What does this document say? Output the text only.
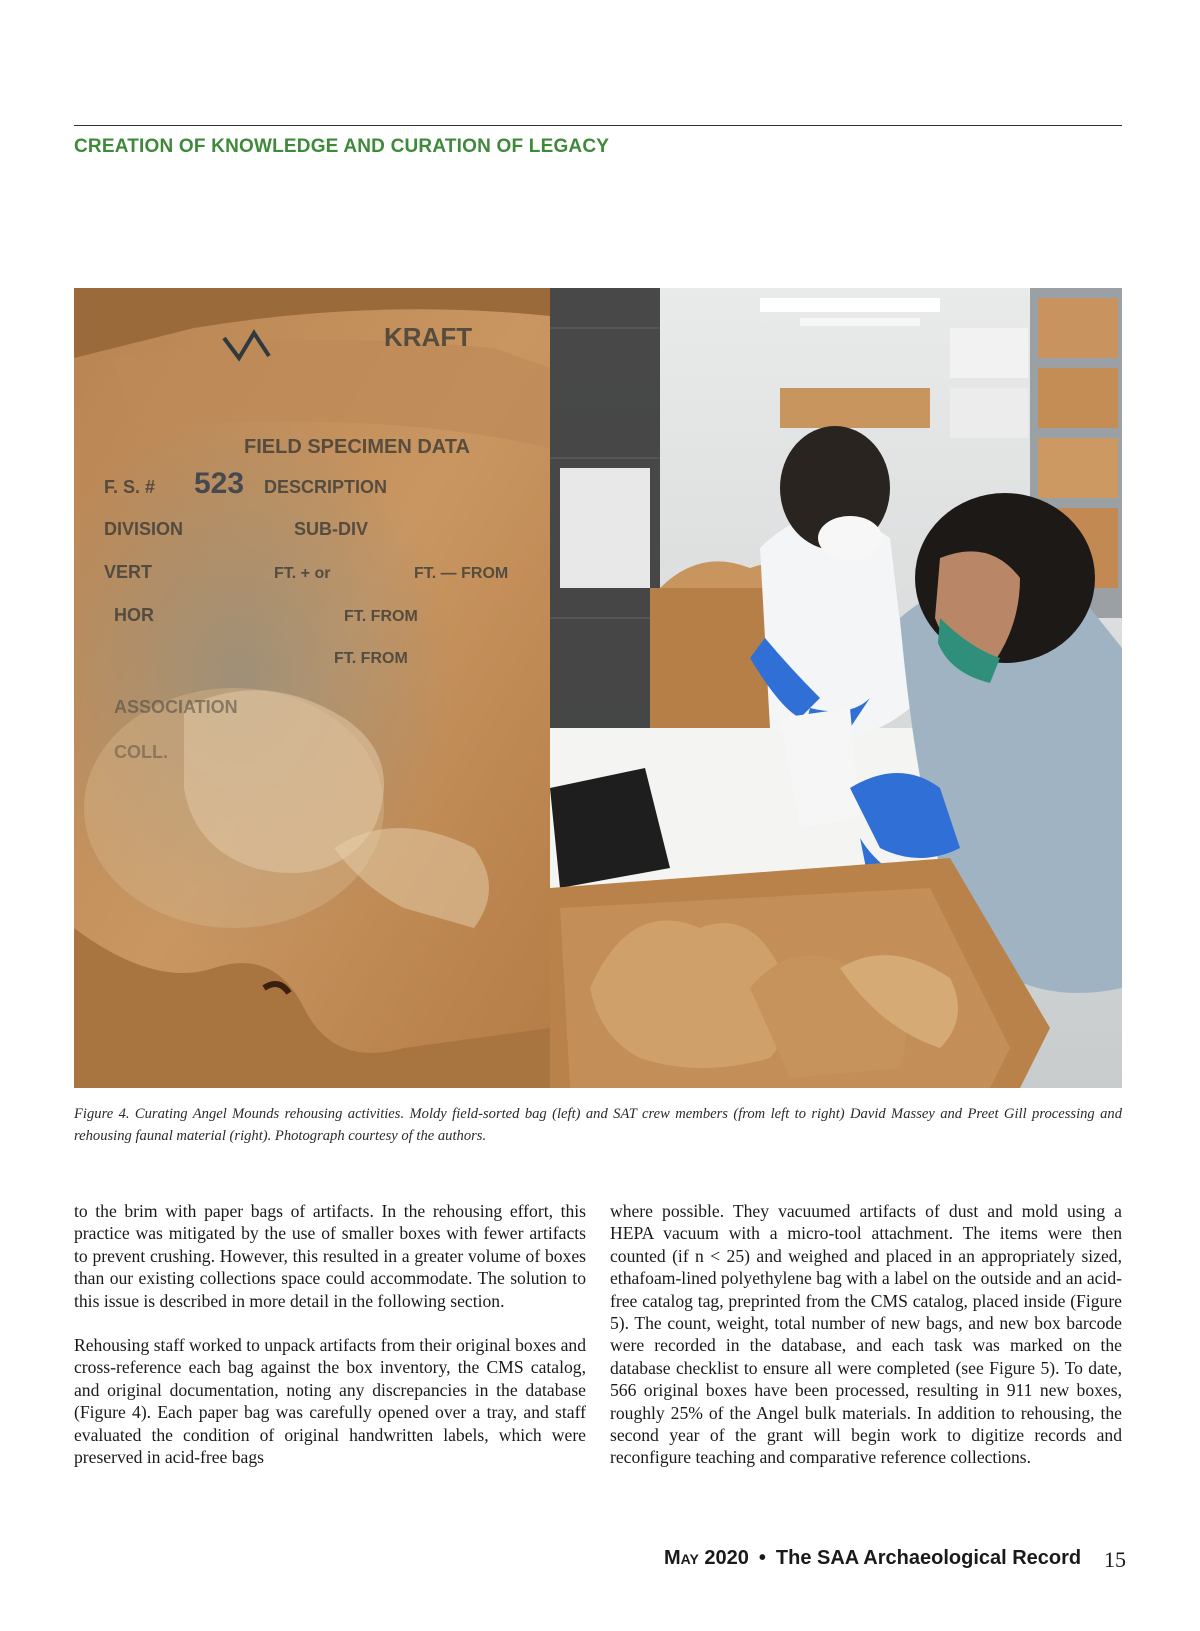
CREATION OF KNOWLEDGE AND CURATION OF LEGACY
KRAFT
FIELD SPECIMEN DATA
F. S. # 523 DESCRIPTION
DIVISION	SUB-DIV
VERT	FT. + or	FT. — FROM
HOR	FT. FROM
FT. FROM
ASSOCIATION
COLL.
Figure 4. Curating Angel Mounds rehousing activities. Moldy field-sorted bag (left) and SAT crew members (from left to right) David Massey and Preet Gill processing and rehousing faunal material (right). Photograph courtesy of the authors.

to the brim with paper bags of artifacts. In the rehousing effort, this practice was mitigated by the use of smaller boxes with fewer artifacts to prevent crushing. However, this resulted in a greater volume of boxes than our existing collections space could accommodate. The solution to this issue is described in more detail in the following section.

Rehousing staff worked to unpack artifacts from their original boxes and cross-reference each bag against the box inventory, the CMS catalog, and original documentation, noting any discrepancies in the database (Figure 4). Each paper bag was carefully opened over a tray, and staff evaluated the condition of original handwritten labels, which were preserved in acid-free bags

where possible. They vacuumed artifacts of dust and mold using a HEPA vacuum with a micro-tool attachment. The items were then counted (if n < 25) and weighed and placed in an appropriately sized, ethafoam-lined polyethylene bag with a label on the outside and an acid-free catalog tag, preprinted from the CMS catalog, placed inside (Figure 5). The count, weight, total number of new bags, and new box barcode were recorded in the database, and each task was marked on the database checklist to ensure all were completed (see Figure 5). To date, 566 original boxes have been processed, resulting in 911 new boxes, roughly 25% of the Angel bulk materials. In addition to rehousing, the second year of the grant will begin work to digitize records and reconfigure teaching and comparative reference collections.

May 2020 • The SAA Archaeological Record 15
